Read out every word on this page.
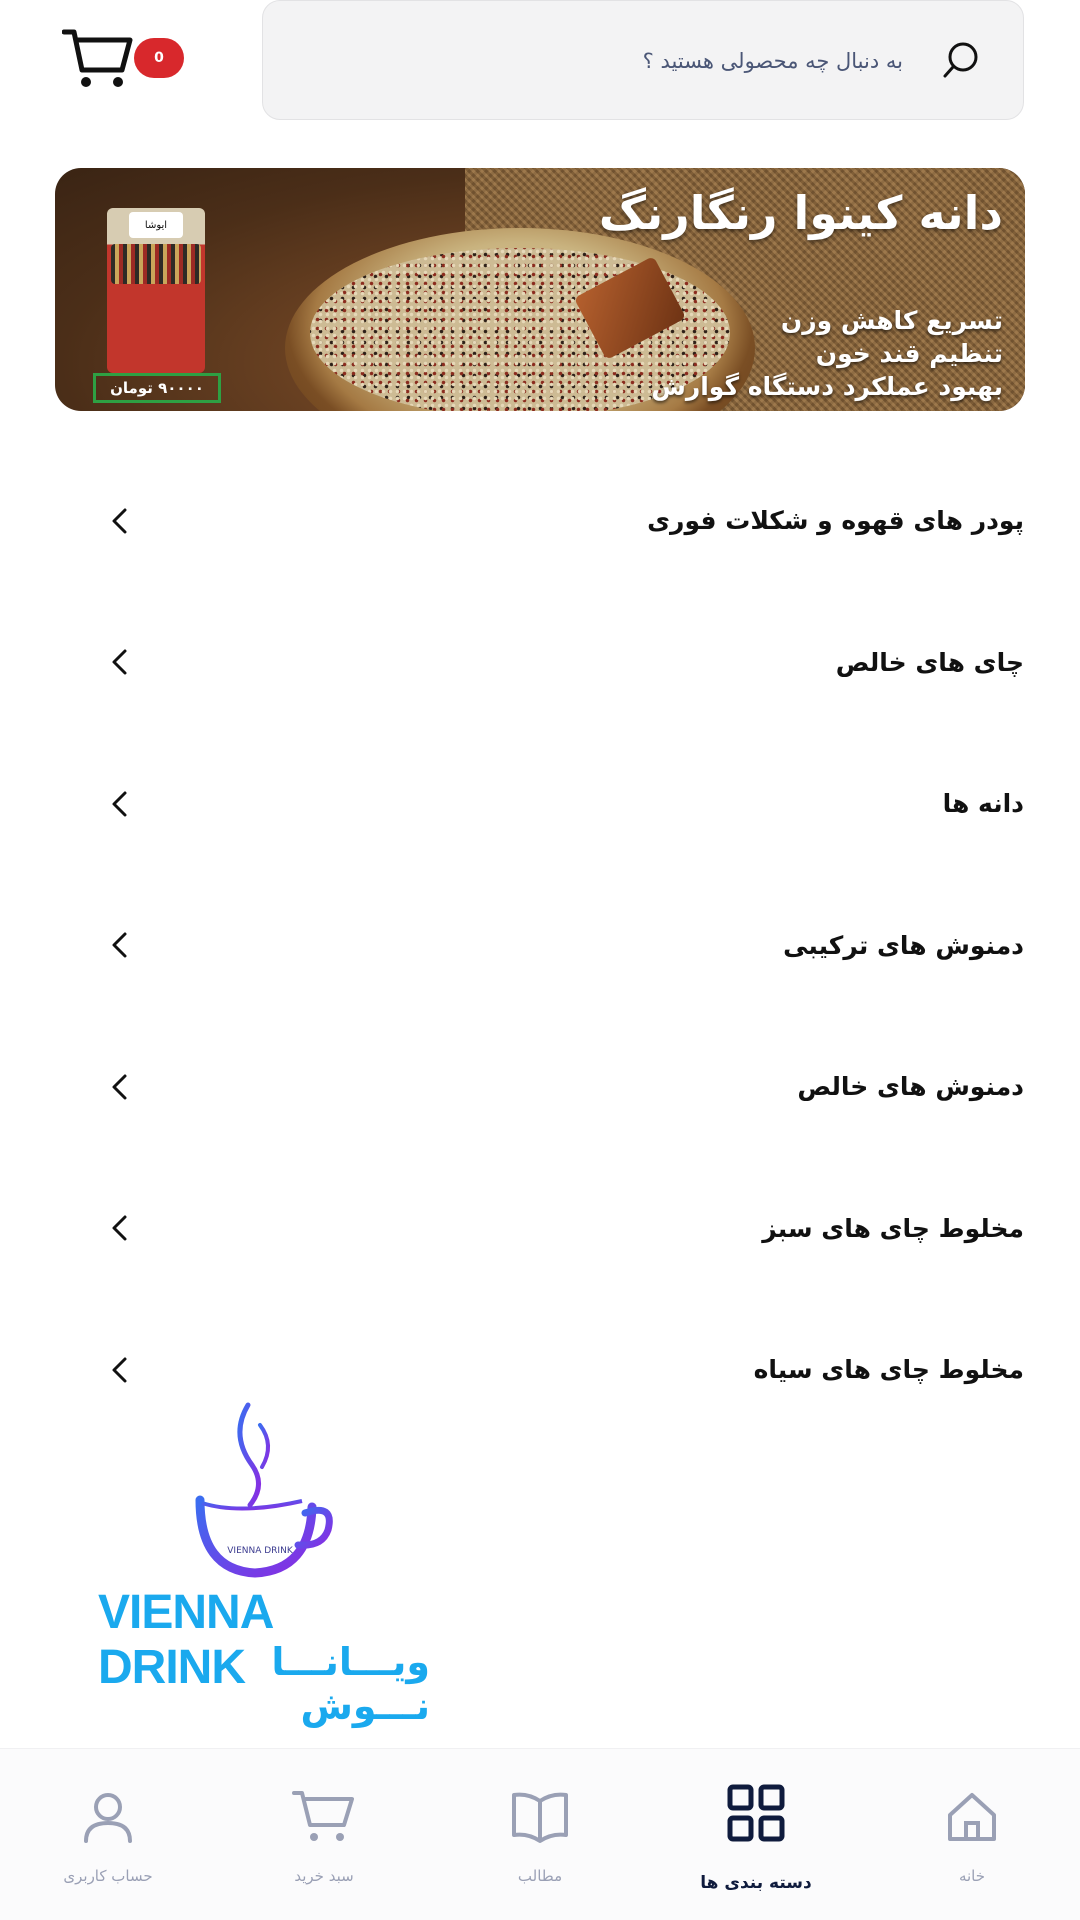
0
به دنبال چه محصولی هستید ؟
ایوشا
۹۰۰۰۰ تومان
دانه کینوا رنگارنگ
تسریع کاهش وزن
تنظیم قند خون
بهبود عملکرد دستگاه گوارش
پودر های قهوه و شکلات فوری
چای های خالص
دانه ها
دمنوش های ترکیبی
دمنوش های خالص
مخلوط چای های سبز
مخلوط چای های سیاه
VIENNA DRINK
VIENNA DRINK ویـــانـــا نـــوش
خانه
دسته بندی ها
مطالب
سبد خرید
حساب کاربری
